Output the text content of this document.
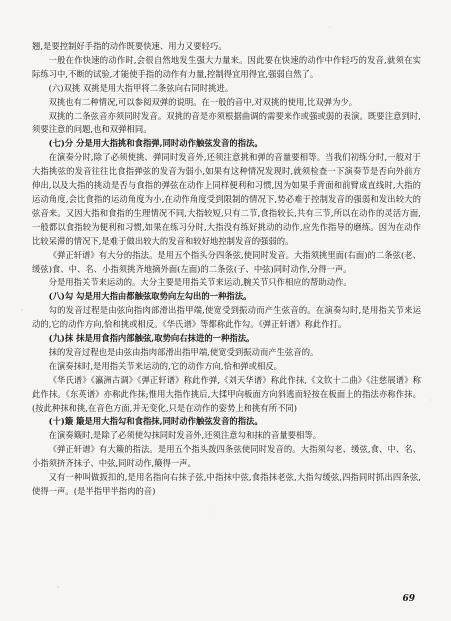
翘,是要控制好手指的动作既要快速、用力又要轻巧。

一般在作快速的动作时,会很自然地发生强大力量来。因此要在快速的动作中作轻巧的发音,就须在实际练习中,不断的试验,才能使手指的动作有力量,控制得宜用得宜,强弱自然了。

(六)双挑 双挑是用大指甲将二条弦向右同时挑进。

双挑也有二种情况,可以参阅双弹的说明。在一般的音中,对双挑的使用,比双弹为少。

双挑的二条弦音亦须同时发音。双挑的音是亦须根据曲调的需要来作或强或弱的表演。既要注意到时,须要注意的问题,也和双弹相同。

(七)分 分是用大指挑和食指弹,同时动作触弦发音的指法。

在演奏分时,除了必须使挑、弹同时发音外,还须注意挑和弹的音量要相等。当我们初练分时,一般对于大指挑弦的发音往往比食指弹弦的发音为弱小,如果有这种情况发现时,就须检查一下演奏节是否向外前方伸出,以及大指的挑动是否与食指的弹弦在动作上同样便利和习惯,因为如果手背面和前臂成直线时,大指的运动角度,会比食指的运动角度为小,在动作角度受到限制的情况下,势必难于控制发音的强弱和发出较大的弦音来。又因大指和食指的生理情况不同,大指较短,只有二节,食指较长,共有三节,所以在动作的灵活方面,一般都以食指较为便利和习惯,如果在练习分时,大指没有练好挑动的动作,应先作指导的磨练。因为在动作比较呆滞的情况下,是难于做出较大的发音和较好地控制发音的强弱的。

《弹正轩谱》有大分的指法。是用五个指头分四条弦,使同时发音。大指须挑里面(右面)的二条弦(老、缓弦)食、中、名、小指须挑齐地摘外面(左面)的二条弦(子、中弦)同时动作,分得一声。

分是用指关节来运动的。大分主要是用指关节来运动,腕关节只作相应的帮助动作。

(八)勾 勾是用大指由都触弦取势向左勾出的一种指法。

勾的发音过程是由弦向指肉部滑出指甲端,使宽受到振动而产生弦音的。在演奏勾时,是用指关节来运动的,它的动作方向,恰和挑或相反。《华氏谱》等都称此作勾。《弹正轩谱》称此作打。

(九)抹 抹是用食指内部触弦,取势向右抹进的一种指法。

抹的发音过程也是由弦由指肉部滑出指甲端,使宽受到振动而产生弦音的。

在演奏抹时,是用指关节来运动的,它的动作方向,恰和弹或相反。

《华氏谱》《瀛洲古调》《弹正轩谱》称此作弹,《刘天华谱》称此作抹,《文钦十二曲》《注慈展谱》称此作抹。《东英谱》亦称此作抹;惟用大指作挑后,大揉甲向板面方向斜逃而轻按在板面上的指法亦称作抹。(按此种抹和挑,在音色方面,并无变化,只是在动作的姿势上和挑有所不同)

(十)簸 簸是用大指勾和食指抹,同时动作触弦发音的指法。

在演奏簸时,是除了必须使勾抹同时发音外,还须注意勾和抹的音量要相等。

《弹正轩谱》有大簸的指法。是用五个指头拨四条弦使同时发音的。大指须勾老、缓弦,食、中、名、小指须挤齐抹子、中弦,同时动作,簸得一声。

又有一种叫做扳扣的,是用名指向右抹子弦,中指抹中弦,食指抹老弦,大指勾缓弦,四指同时抓出四条弦,使得一声。(是半指甲半指肉的音)

69
